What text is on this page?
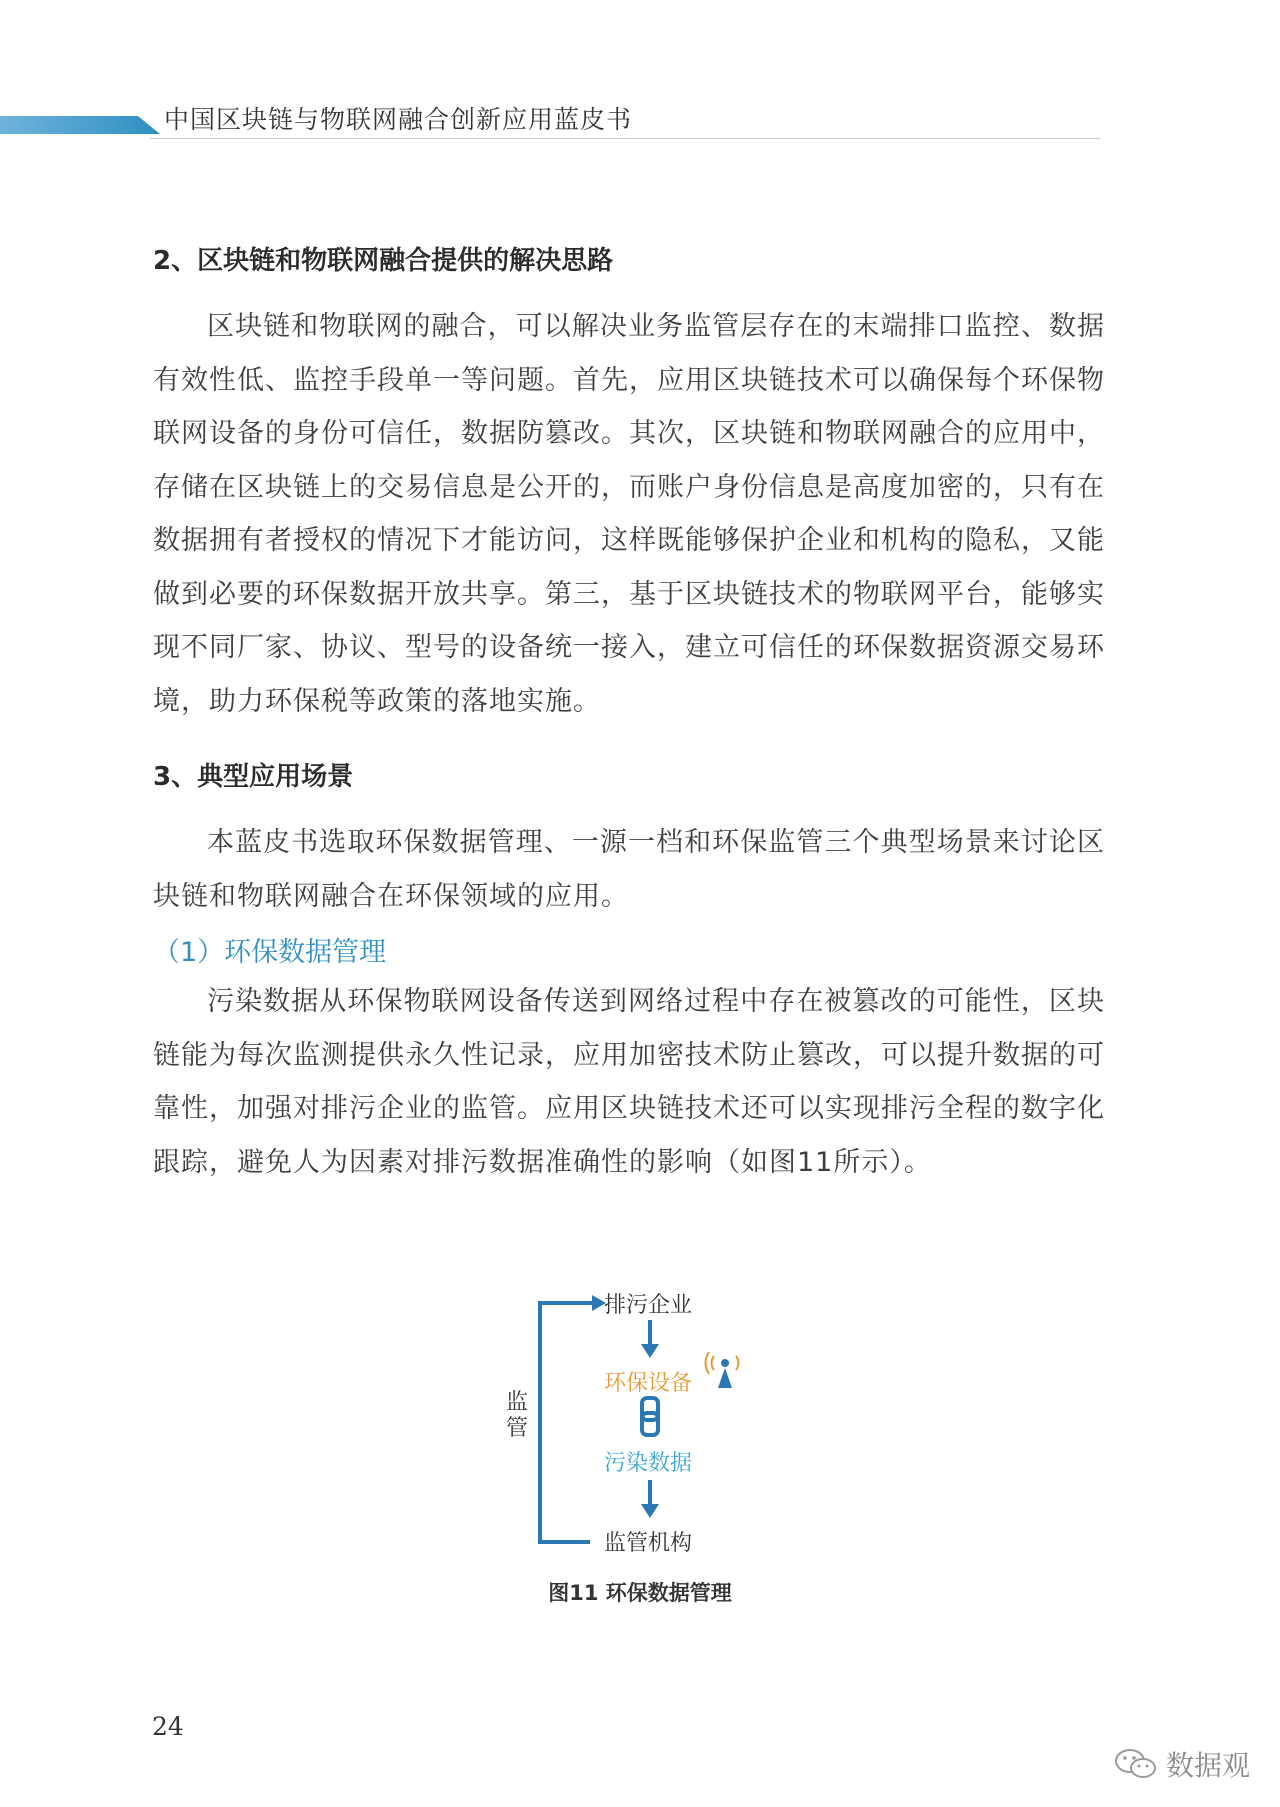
中国区块链与物联网融合创新应用蓝皮书
2、区块链和物联网融合提供的解决思路
区块链和物联网的融合，可以解决业务监管层存在的末端排口监控、数据有效性低、监控手段单一等问题。首先，应用区块链技术可以确保每个环保物联网设备的身份可信任，数据防篡改。其次，区块链和物联网融合的应用中，存储在区块链上的交易信息是公开的，而账户身份信息是高度加密的，只有在数据拥有者授权的情况下才能访问，这样既能够保护企业和机构的隐私，又能做到必要的环保数据开放共享。第三，基于区块链技术的物联网平台，能够实现不同厂家、协议、型号的设备统一接入，建立可信任的环保数据资源交易环境，助力环保税等政策的落地实施。
3、典型应用场景
本蓝皮书选取环保数据管理、一源一档和环保监管三个典型场景来讨论区块链和物联网融合在环保领域的应用。
（1）环保数据管理
污染数据从环保物联网设备传送到网络过程中存在被篡改的可能性，区块链能为每次监测提供永久性记录，应用加密技术防止篡改，可以提升数据的可靠性，加强对排污企业的监管。应用区块链技术还可以实现排污全程的数字化跟踪，避免人为因素对排污数据准确性的影响（如图11所示）。
排污企业
环保设备
污染数据
监管机构
监管
图11 环保数据管理
24
数据观
